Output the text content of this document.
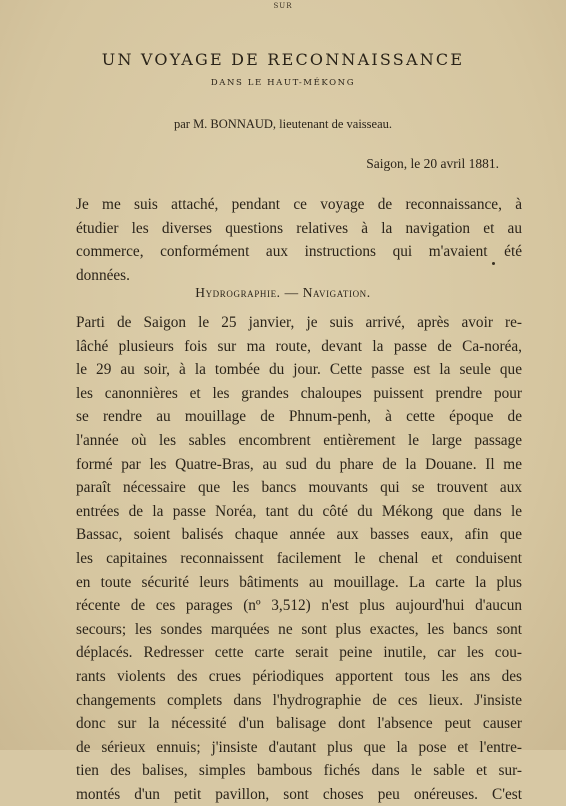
SUR
UN VOYAGE DE RECONNAISSANCE
DANS LE HAUT-MÉKONG
par M. BONNAUD, lieutenant de vaisseau.
Saigon, le 20 avril 1881.
Je me suis attaché, pendant ce voyage de reconnaissance, à
étudier les diverses questions relatives à la navigation et au
commerce, conformément aux instructions qui m'avaient été
données.
Hydrographie. — Navigation.
Parti de Saigon le 25 janvier, je suis arrivé, après avoir re-
lâché plusieurs fois sur ma route, devant la passe de Ca-noréa,
le 29 au soir, à la tombée du jour. Cette passe est la seule que
les canonnières et les grandes chaloupes puissent prendre pour
se rendre au mouillage de Phnum-penh, à cette époque de
l'année où les sables encombrent entièrement le large passage
formé par les Quatre-Bras, au sud du phare de la Douane. Il me
paraît nécessaire que les bancs mouvants qui se trouvent aux
entrées de la passe Noréa, tant du côté du Mékong que dans le
Bassac, soient balisés chaque année aux basses eaux, afin que
les capitaines reconnaissent facilement le chenal et conduisent
en toute sécurité leurs bâtiments au mouillage. La carte la plus
récente de ces parages (nº 3,512) n'est plus aujourd'hui d'aucun
secours; les sondes marquées ne sont plus exactes, les bancs sont
déplacés. Redresser cette carte serait peine inutile, car les cou-
rants violents des crues périodiques apportent tous les ans des
changements complets dans l'hydrographie de ces lieux. J'insiste
donc sur la nécessité d'un balisage dont l'absence peut causer
de sérieux ennuis; j'insiste d'autant plus que la pose et l'entre-
tien des balises, simples bambous fichés dans le sable et sur-
montés d'un petit pavillon, sont choses peu onéreuses. C'est
